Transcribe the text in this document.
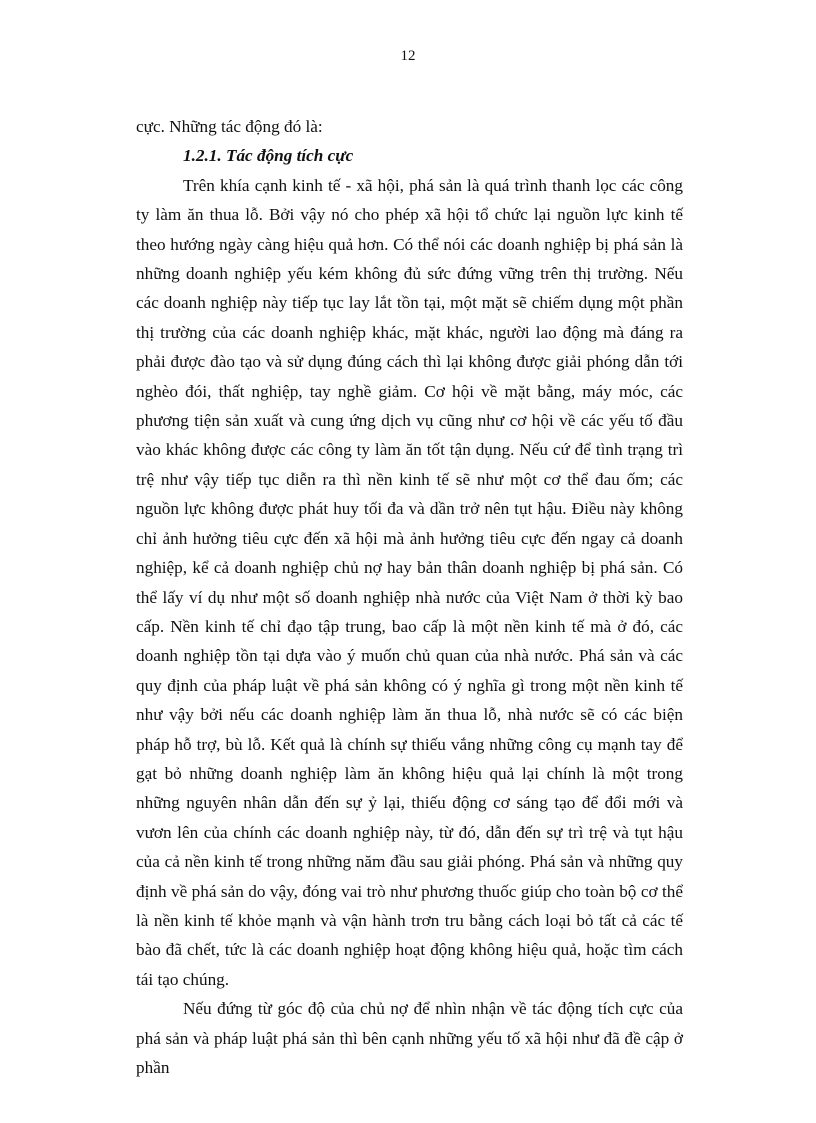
12

cực. Những tác động đó là:

1.2.1. Tác động tích cực

Trên khía cạnh kinh tế - xã hội, phá sản là quá trình thanh lọc các công ty làm ăn thua lỗ. Bởi vậy nó cho phép xã hội tổ chức lại nguồn lực kinh tế theo hướng ngày càng hiệu quả hơn. Có thể nói các doanh nghiệp bị phá sản là những doanh nghiệp yếu kém không đủ sức đứng vững trên thị trường. Nếu các doanh nghiệp này tiếp tục lay lắt tồn tại, một mặt sẽ chiếm dụng một phần thị trường của các doanh nghiệp khác, mặt khác, người lao động mà đáng ra phải được đào tạo và sử dụng đúng cách thì lại không được giải phóng dẫn tới nghèo đói, thất nghiệp, tay nghề giảm. Cơ hội về mặt bằng, máy móc, các phương tiện sản xuất và cung ứng dịch vụ cũng như cơ hội về các yếu tố đầu vào khác không được các công ty làm ăn tốt tận dụng. Nếu cứ để tình trạng trì trệ như vậy tiếp tục diễn ra thì nền kinh tế sẽ như một cơ thể đau ốm; các nguồn lực không được phát huy tối đa và dần trở nên tụt hậu. Điều này không chỉ ảnh hưởng tiêu cực đến xã hội mà ảnh hưởng tiêu cực đến ngay cả doanh nghiệp, kể cả doanh nghiệp chủ nợ hay bản thân doanh nghiệp bị phá sản. Có thể lấy ví dụ như một số doanh nghiệp nhà nước của Việt Nam ở thời kỳ bao cấp. Nền kinh tế chỉ đạo tập trung, bao cấp là một nền kinh tế mà ở đó, các doanh nghiệp tồn tại dựa vào ý muốn chủ quan của nhà nước. Phá sản và các quy định của pháp luật về phá sản không có ý nghĩa gì trong một nền kinh tế như vậy bởi nếu các doanh nghiệp làm ăn thua lỗ, nhà nước sẽ có các biện pháp hỗ trợ, bù lỗ. Kết quả là chính sự thiếu vắng những công cụ mạnh tay để gạt bỏ những doanh nghiệp làm ăn không hiệu quả lại chính là một trong những nguyên nhân dẫn đến sự ỷ lại, thiếu động cơ sáng tạo để đổi mới và vươn lên của chính các doanh nghiệp này, từ đó, dẫn đến sự trì trệ và tụt hậu của cả nền kinh tế trong những năm đầu sau giải phóng. Phá sản và những quy định về phá sản do vậy, đóng vai trò như phương thuốc giúp cho toàn bộ cơ thể là nền kinh tế khỏe mạnh và vận hành trơn tru bằng cách loại bỏ tất cả các tế bào đã chết, tức là các doanh nghiệp hoạt động không hiệu quả, hoặc tìm cách tái tạo chúng.

Nếu đứng từ góc độ của chủ nợ để nhìn nhận về tác động tích cực của phá sản và pháp luật phá sản thì bên cạnh những yếu tố xã hội như đã đề cập ở phần
